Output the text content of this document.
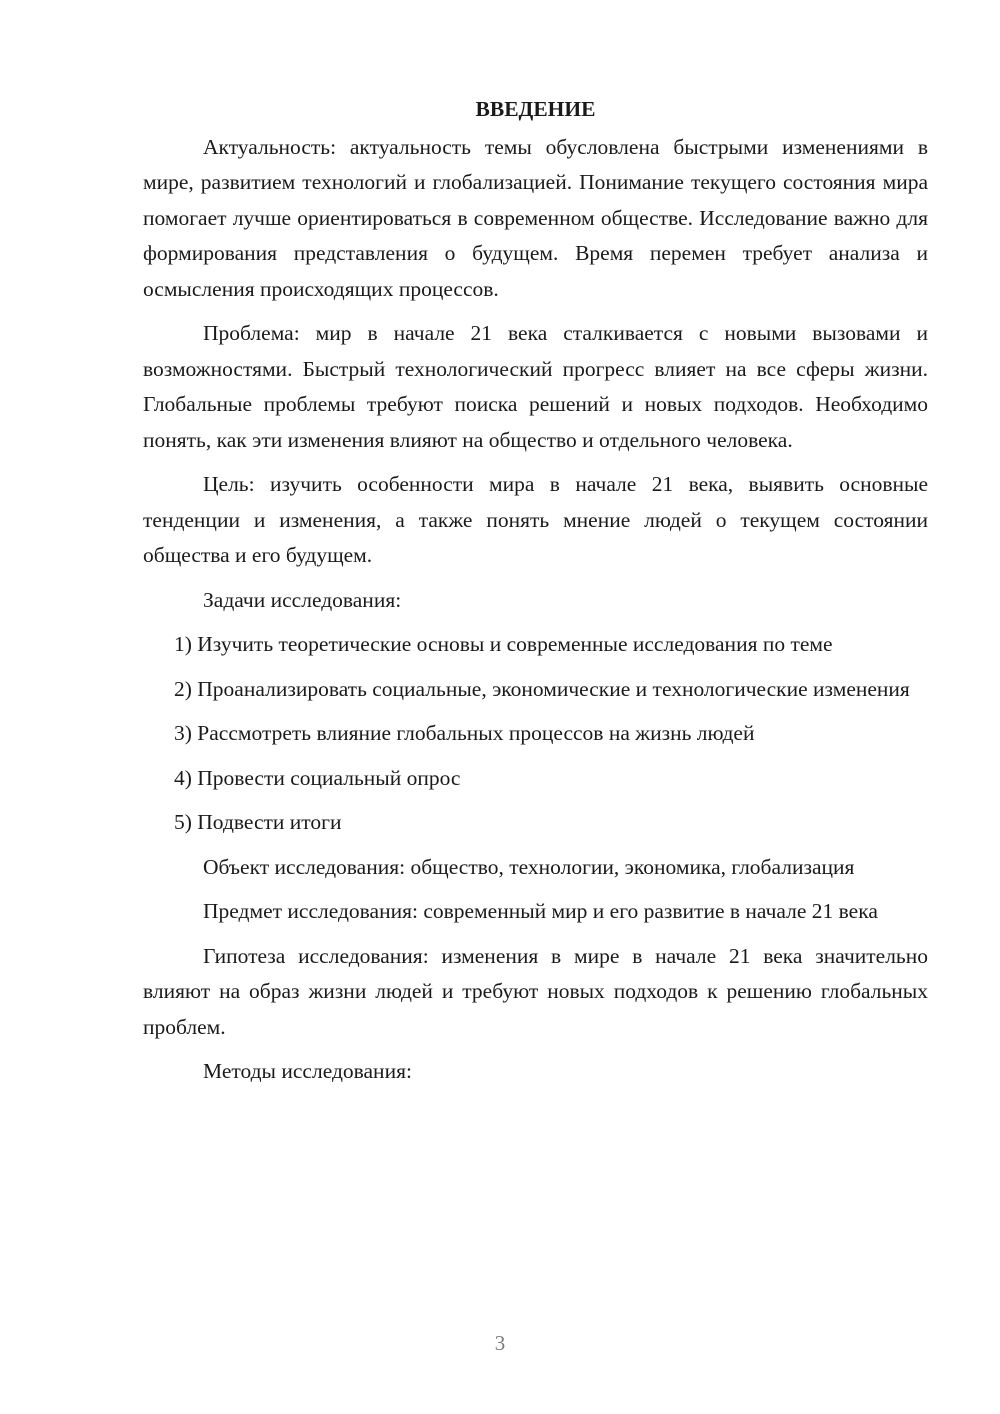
ВВЕДЕНИЕ
Актуальность: актуальность темы обусловлена быстрыми изменениями в мире, развитием технологий и глобализацией. Понимание текущего состояния мира помогает лучше ориентироваться в современном обществе. Исследование важно для формирования представления о будущем. Время перемен требует анализа и осмысления происходящих процессов.
Проблема: мир в начале 21 века сталкивается с новыми вызовами и возможностями. Быстрый технологический прогресс влияет на все сферы жизни. Глобальные проблемы требуют поиска решений и новых подходов. Необходимо понять, как эти изменения влияют на общество и отдельного человека.
Цель: изучить особенности мира в начале 21 века, выявить основные тенденции и изменения, а также понять мнение людей о текущем состоянии общества и его будущем.
Задачи исследования:
1) Изучить теоретические основы и современные исследования по теме
2) Проанализировать социальные, экономические и технологические изменения
3) Рассмотреть влияние глобальных процессов на жизнь людей
4) Провести социальный опрос
5) Подвести итоги
Объект исследования: общество, технологии, экономика, глобализация
Предмет исследования: современный мир и его развитие в начале 21 века
Гипотеза исследования: изменения в мире в начале 21 века значительно влияют на образ жизни людей и требуют новых подходов к решению глобальных проблем.
Методы исследования:
3
